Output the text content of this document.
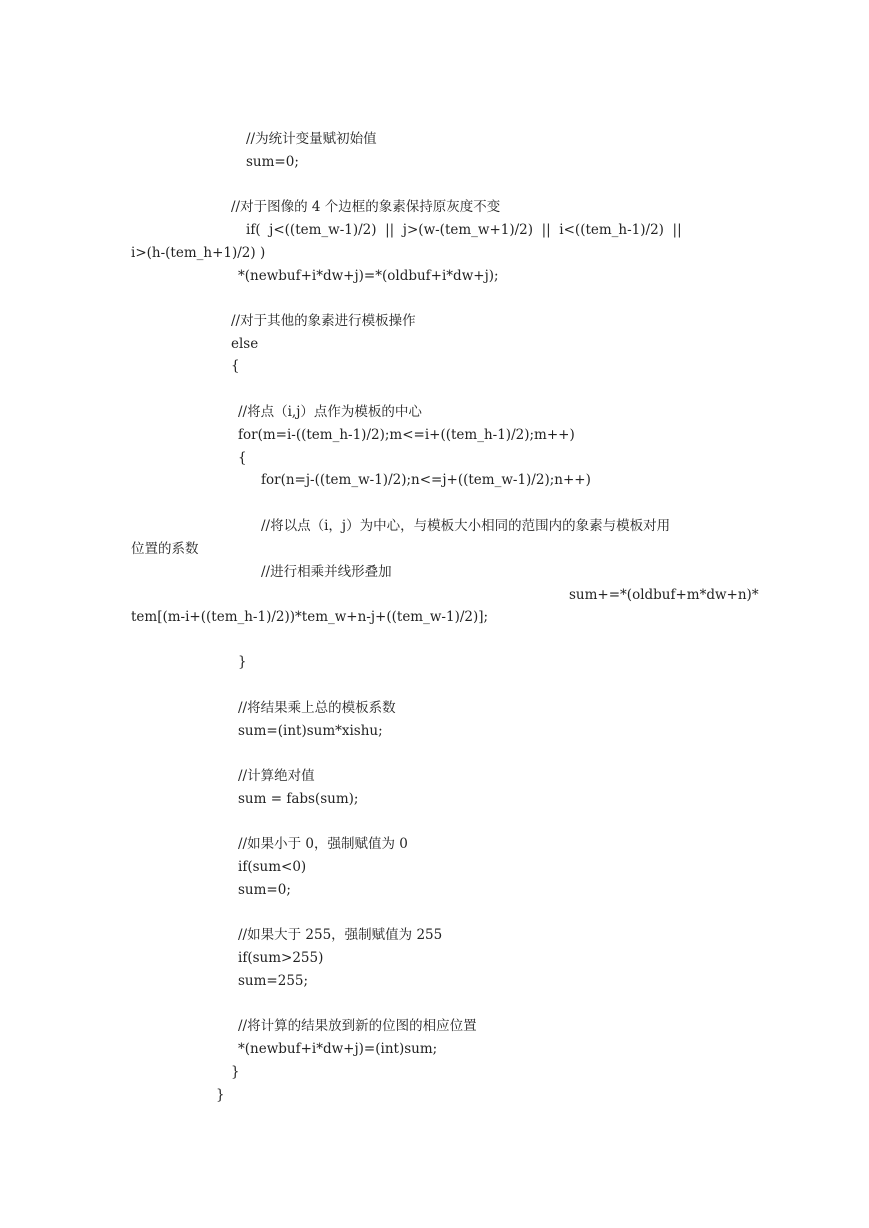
//为统计变量赋初始值
sum=0;
//对于图像的 4 个边框的象素保持原灰度不变
if(  j<((tem_w-1)/2)  ||  j>(w-(tem_w+1)/2)  ||  i<((tem_h-1)/2)  ||
i>(h-(tem_h+1)/2) )
*(newbuf+i*dw+j)=*(oldbuf+i*dw+j);
//对于其他的象素进行模板操作
else
{
//将点（i,j）点作为模板的中心
for(m=i-((tem_h-1)/2);m<=i+((tem_h-1)/2);m++)
{
for(n=j-((tem_w-1)/2);n<=j+((tem_w-1)/2);n++)
//将以点（i，j）为中心，与模板大小相同的范围内的象素与模板对用
位置的系数
//进行相乘并线形叠加
sum+=*(oldbuf+m*dw+n)*
tem[(m-i+((tem_h-1)/2))*tem_w+n-j+((tem_w-1)/2)];
}
//将结果乘上总的模板系数
sum=(int)sum*xishu;
//计算绝对值
sum = fabs(sum);
//如果小于 0，强制赋值为 0
if(sum<0)
sum=0;
//如果大于 255，强制赋值为 255
if(sum>255)
sum=255;
//将计算的结果放到新的位图的相应位置
*(newbuf+i*dw+j)=(int)sum;
}
}
